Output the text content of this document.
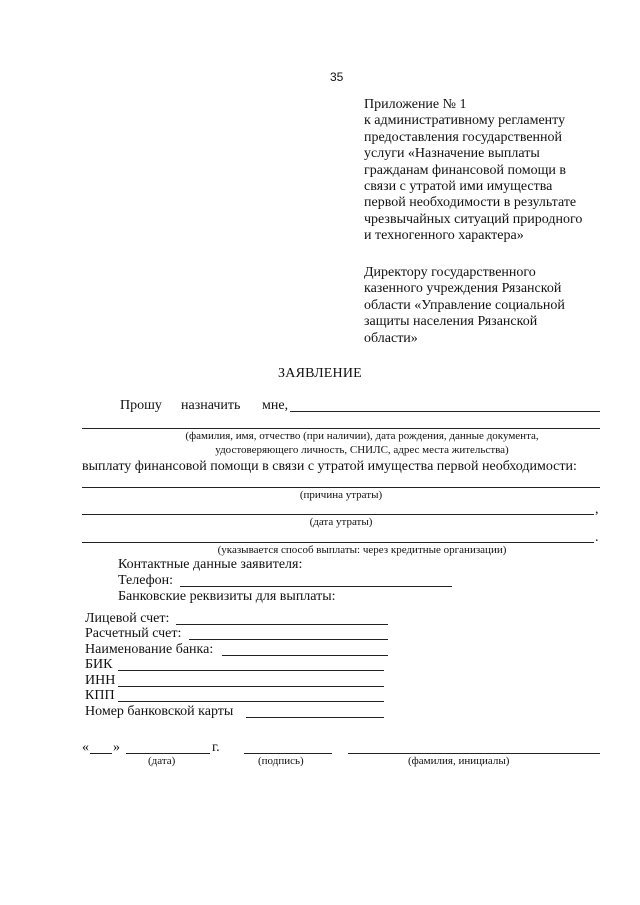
35
Приложение № 1
к административному регламенту
предоставления государственной
услуги «Назначение выплаты
гражданам финансовой помощи в
связи с утратой ими имущества
первой необходимости в результате
чрезвычайных ситуаций природного
и техногенного характера»
Директору государственного
казенного учреждения Рязанской
области «Управление социальной
защиты населения Рязанской
области»
ЗАЯВЛЕНИЕ
Прошу назначить мне,
(фамилия, имя, отчество (при наличии), дата рождения, данные документа,
удостоверяющего личность, СНИЛС, адрес места жительства)
выплату финансовой помощи в связи с утратой имущества первой необходимости:
(причина утраты)
,
(дата утраты)
.
(указывается способ выплаты: через кредитные организации)
Контактные данные заявителя:
Телефон:
Банковские реквизиты для выплаты:
Лицевой счет:
Расчетный счет:
Наименование банка:
БИК
ИНН
КПП
Номер банковской карты
« »	г.
(дата)	(подпись)	(фамилия, инициалы)
